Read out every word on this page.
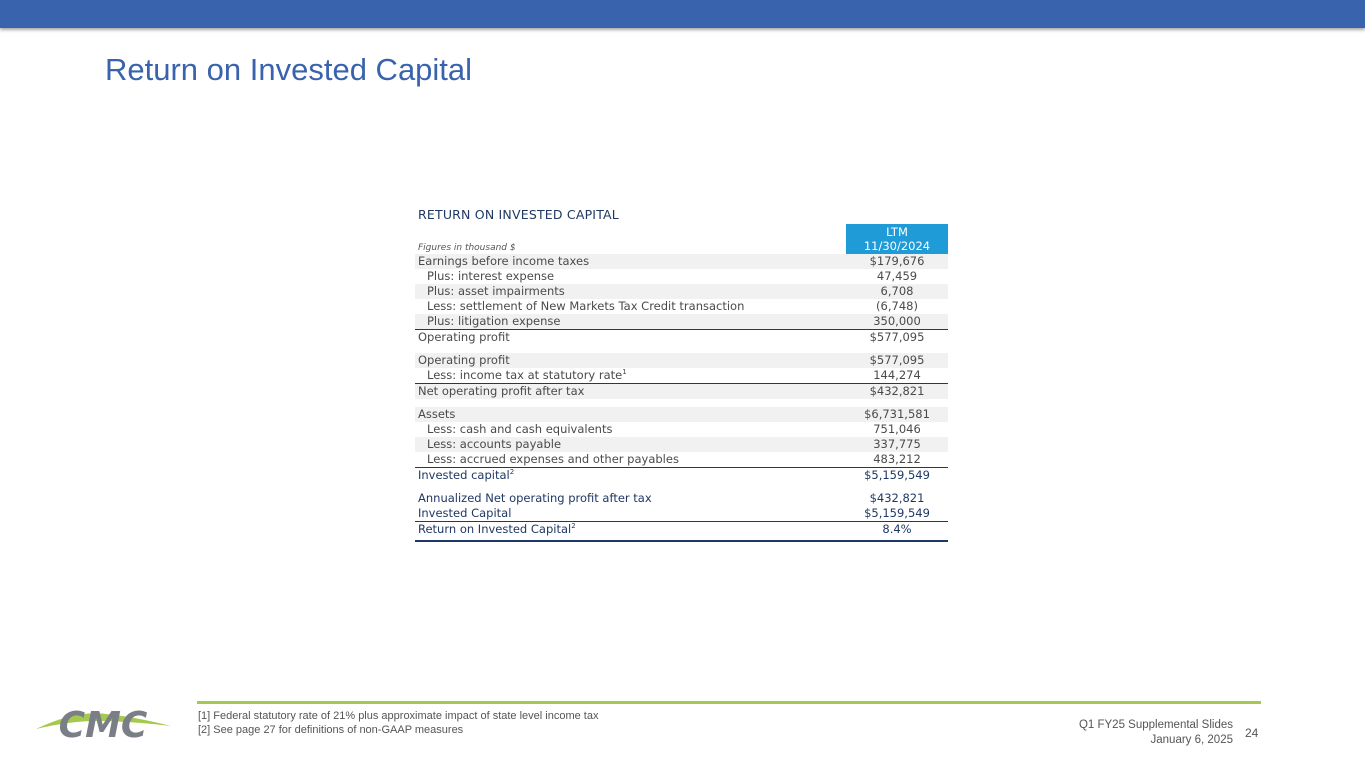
Return on Invested Capital
RETURN ON INVESTED CAPITAL
Figures in thousand $
LTM
11/30/2024
Earnings before income taxes	$179,676
Plus: interest expense	47,459
Plus: asset impairments	6,708
Less: settlement of New Markets Tax Credit transaction	(6,748)
Plus: litigation expense	350,000
Operating profit	$577,095
Operating profit	$577,095
Less: income tax at statutory rate$^1$	144,274
Net operating profit after tax	$432,821
Assets	$6,731,581
Less: cash and cash equivalents	751,046
Less: accounts payable	337,775
Less: accrued expenses and other payables	483,212
Invested capital$^2$	$5,159,549
Annualized Net operating profit after tax	$432,821
Invested Capital	$5,159,549
Return on Invested Capital$^2$	8.4%
CMC	[1] Federal statutory rate of 21% plus approximate impact of state level income tax
[2] See page 27 for definitions of non-GAAP measures	Q1 FY25 Supplemental Slides
January 6, 2025 24
